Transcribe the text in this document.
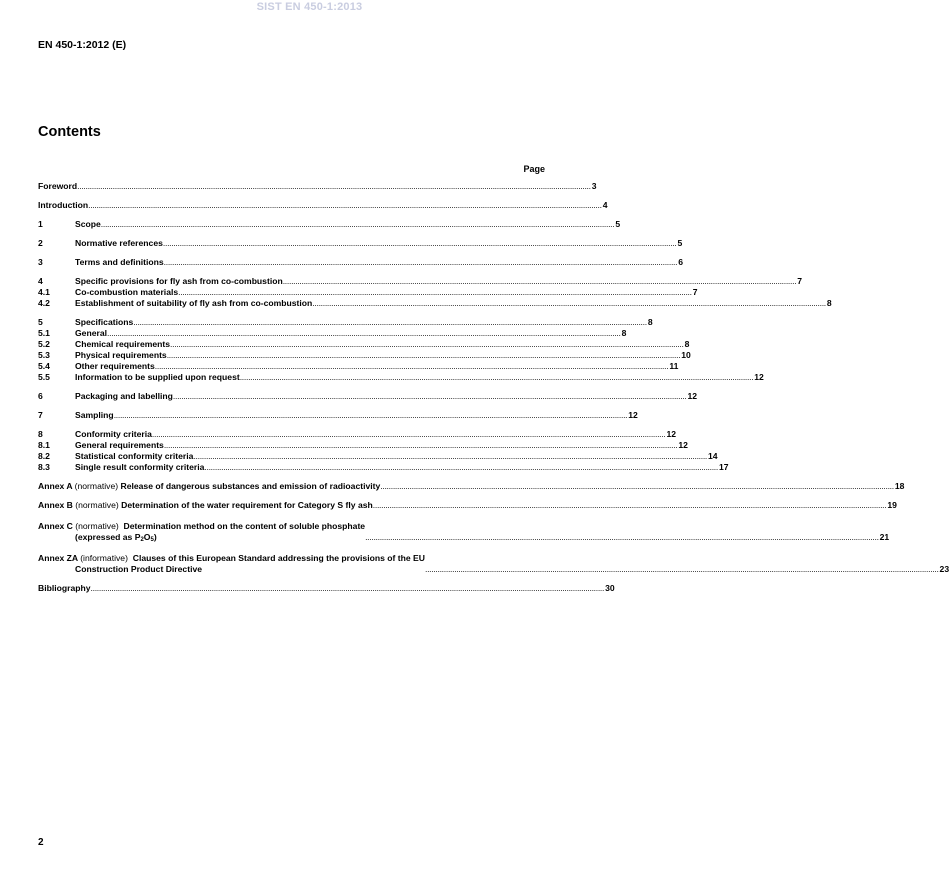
SIST EN 450-1:2013
EN 450-1:2012 (E)
Contents
Page
Foreword .....	3
Introduction .....	4
1	Scope .....	5
2	Normative references .....	5
3	Terms and definitions .....	6
4	Specific provisions for fly ash from co-combustion .....	7
4.1	Co-combustion materials .....	7
4.2	Establishment of suitability of fly ash from co-combustion .....	8
5	Specifications .....	8
5.1	General .....	8
5.2	Chemical requirements .....	8
5.3	Physical requirements .....	10
5.4	Other requirements .....	11
5.5	Information to be supplied upon request .....	12
6	Packaging and labelling .....	12
7	Sampling .....	12
8	Conformity criteria .....	12
8.1	General requirements .....	12
8.2	Statistical conformity criteria .....	14
8.3	Single result conformity criteria .....	17
Annex A (normative) Release of dangerous substances and emission of radioactivity .....	18
Annex B (normative) Determination of the water requirement for Category S fly ash .....	19
Annex C (normative) Determination method on the content of soluble phosphate
(expressed as $P_2O_5$) .....	21
Annex ZA (informative) Clauses of this European Standard addressing the provisions of the EU
Construction Product Directive .....	23
Bibliography .....	30
2
